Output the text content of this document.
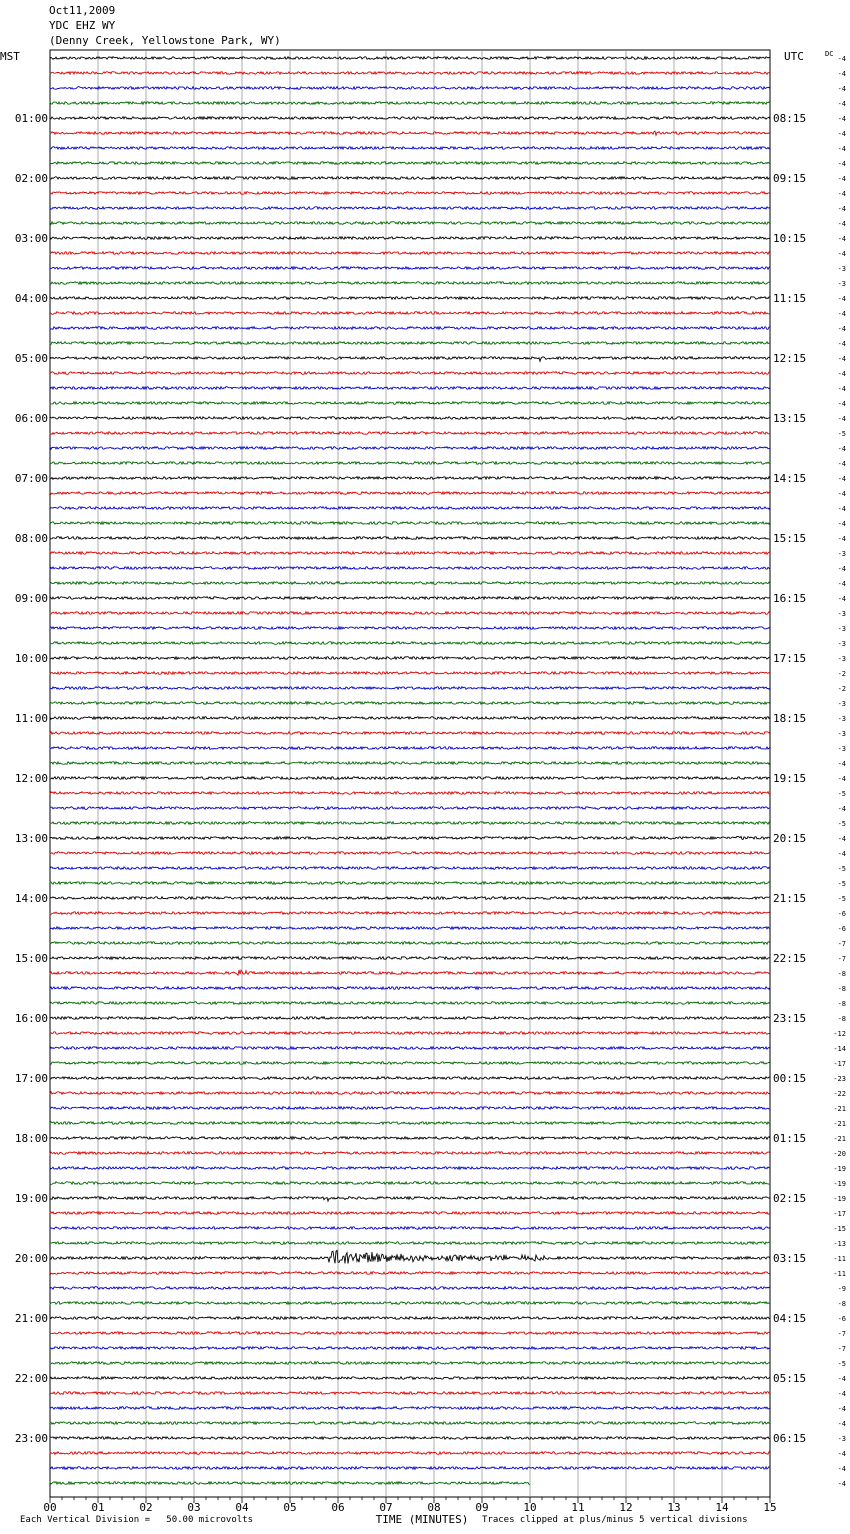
Oct11,2009
YDC EHZ WY
(Denny Creek, Yellowstone Park, WY)
01:00
02:00
03:00
04:00
05:00
06:00
07:00
08:00
09:00
10:00
11:00
12:00
13:00
14:00
15:00
16:00
17:00
18:00
19:00
20:00
21:00
22:00
23:00
08:15
09:15
10:15
11:15
12:15
13:15
14:15
15:15
16:15
17:15
18:15
19:15
20:15
21:15
22:15
23:15
00:15
01:15
02:15
03:15
04:15
05:15
06:15
MST	UTC	DC
-4
-4
-4
-4
-4
-4
-4
-4
-4
-4
-4
-4
-4
-4
-3
-3
-4
-4
-4
-4
-4
-4
-4
-4
-4
-5
-4
-4
-4
-4
-4
-4
-4
-3
-4
-4
-4
-3
-3
-3
-3
-2
-2
-3
-3
-3
-3
-4
-4
-5
-4
-5
-4
-4
-5
-5
-5
-6
-6
-7
-7
-8
-8
-8
-8
-12
-14
-17
-23
-22
-21
-21
-21
-20
-19
-19
-19
-17
-15
-13
-11
-11
-9
-8
-6
-7
-7
-5
-4
-4
-4
-4
-3
-4
-4
-4
00	01	02	03	04	05	06	07	08	09	10	11	12	13	14	15
TIME (MINUTES)
Each Vertical Division =   50.00 microvolts	Traces clipped at plus/minus 5 vertical divisions
